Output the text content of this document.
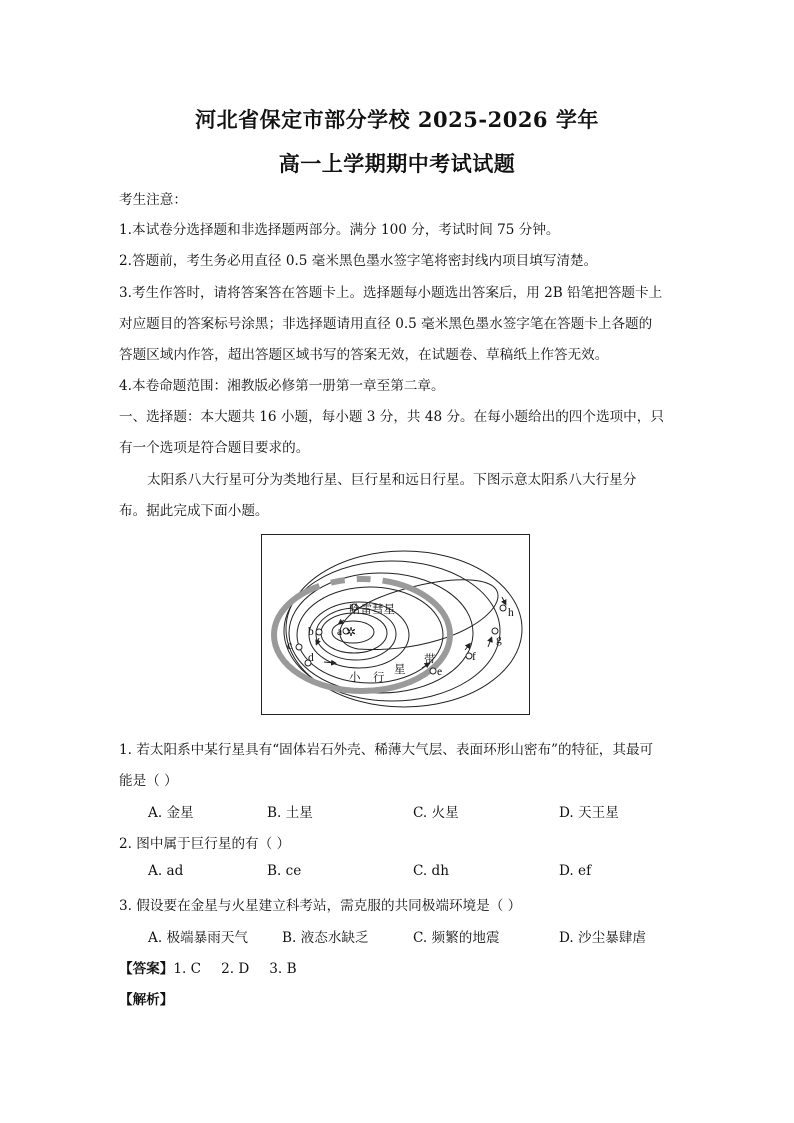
河北省保定市部分学校 2025-2026 学年
高一上学期期中考试试题
考生注意：
1.本试卷分选择题和非选择题两部分。满分 100 分，考试时间 75 分钟。
2.答题前，考生务必用直径 0.5 毫米黑色墨水签字笔将密封线内项目填写清楚。
3.考生作答时，请将答案答在答题卡上。选择题每小题选出答案后，用 2B 铅笔把答题卡上
对应题目的答案标号涂黑；非选择题请用直径 0.5 毫米黑色墨水签字笔在答题卡上各题的
答题区域内作答，超出答题区域书写的答案无效，在试题卷、草稿纸上作答无效。
4.本卷命题范围：湘教版必修第一册第一章至第二章。
一、选择题：本大题共 16 小题，每小题 3 分，共 48 分。在每小题给出的四个选项中，只
有一个选项是符合题目要求的。
太阳系八大行星可分为类地行星、巨行星和远日行星。下图示意太阳系八大行星分
布。据此完成下面小题。
a ✲
b
c
d
e
f
g
h
哈雷彗星
小 行
星
带
1. 若太阳系中某行星具有“固体岩石外壳、稀薄大气层、表面环形山密布”的特征，其最可
能是（ ）
A. 金星	B. 土星	C. 火星	D. 天王星
2. 图中属于巨行星的有（ ）
A. ad	B. ce	C. dh	D. ef
3. 假设要在金星与火星建立科考站，需克服的共同极端环境是（ ）
A. 极端暴雨天气 B. 液态水缺乏	C. 频繁的地震	D. 沙尘暴肆虐
【答案】1. C 2. D 3. B
【解析】
